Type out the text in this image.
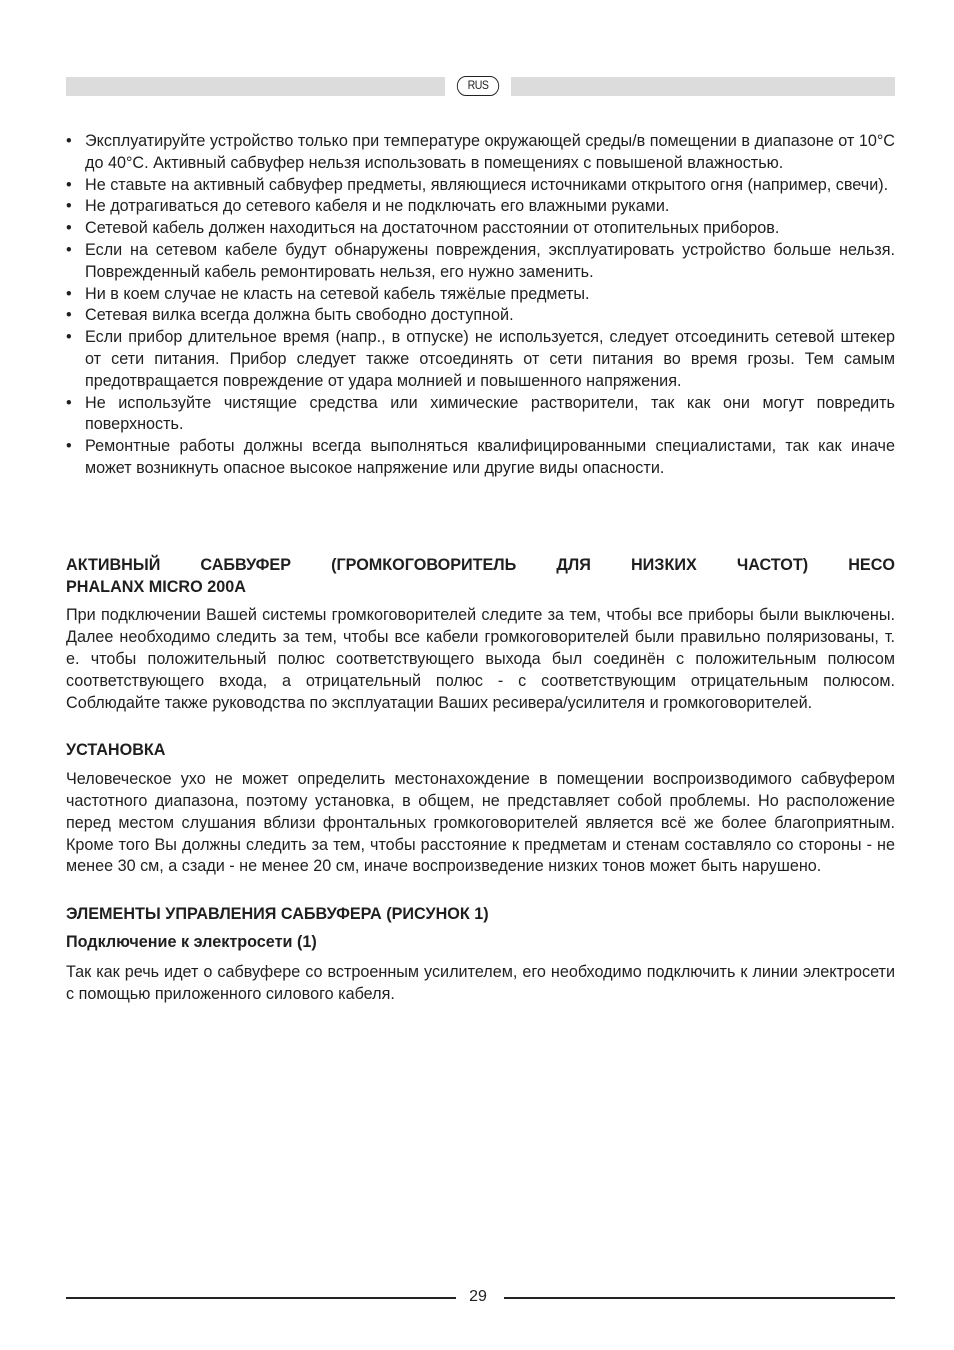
RUS
• Эксплуатируйте устройство только при температуре окружающей среды/в помещении в диапазоне от 10°С до 40°С. Активный сабвуфер нельзя использовать в помещениях с повышеной влажностью.
• Не ставьте на активный сабвуфер предметы, являющиеся источниками открытого огня (например, свечи).
• Не дотрагиваться до сетевого кабеля и не подключать его влажными руками.
• Сетевой кабель должен находиться на достаточном расстоянии от отопительных приборов.
• Если на сетевом кабеле будут обнаружены повреждения, эксплуатировать устройство больше нельзя. Поврежденный кабель ремонтировать нельзя, его нужно заменить.
• Ни в коем случае не класть на сетевой кабель тяжёлые предметы.
• Сетевая вилка всегда должна быть свободно доступной.
• Если прибор длительное время (напр., в отпуске) не используется, следует отсоединить сетевой штекер от сети питания. Прибор следует также отсоединять от сети питания во время грозы. Тем самым предотвращается повреждение от удара молнией и повышенного напряжения.
• Не используйте чистящие средства или химические растворители, так как они могут повредить поверхность.
• Ремонтные работы должны всегда выполняться квалифицированными специалистами, так как иначе может возникнуть опасное высокое напряжение или другие виды опасности.

АКТИВНЫЙ САБВУФЕР (ГРОМКОГОВОРИТЕЛЬ ДЛЯ НИЗКИХ ЧАСТОТ) HECO

PHALANX MICRO 200A

При подключении Вашей системы громкоговорителей следите за тем, чтобы все приборы были выключены. Далее необходимо следить за тем, чтобы все кабели громкоговорителей были правильно поляризованы, т. е. чтобы положительный полюс соответствующего выхода был соединён с положительным полюсом соответствующего входа, а отрицательный полюс - с соответствующим отрицательным полюсом. Соблюдайте также руководства по эксплуатации Ваших ресивера/усилителя и громкоговорителей.

УСТАНОВКА

Человеческое ухо не может определить местонахождение в помещении воспроизводимого сабвуфером частотного диапазона, поэтому установка, в общем, не представляет собой проблемы. Но расположение перед местом слушания вблизи фронтальных громкоговорителей является всё же более благоприятным. Кроме того Вы должны следить за тем, чтобы расстояние к предметам и стенам составляло со стороны - не менее 30 см, а сзади - не менее 20 см, иначе воспроизведение низких тонов может быть нарушено.

ЭЛЕМЕНТЫ УПРАВЛЕНИЯ САБВУФЕРА (РИСУНОК 1)

Подключение к электросети (1)

Так как речь идет о сабвуфере со встроенным усилителем, его необходимо подключить к линии электросети с помощью приложенного силового кабеля.

29
